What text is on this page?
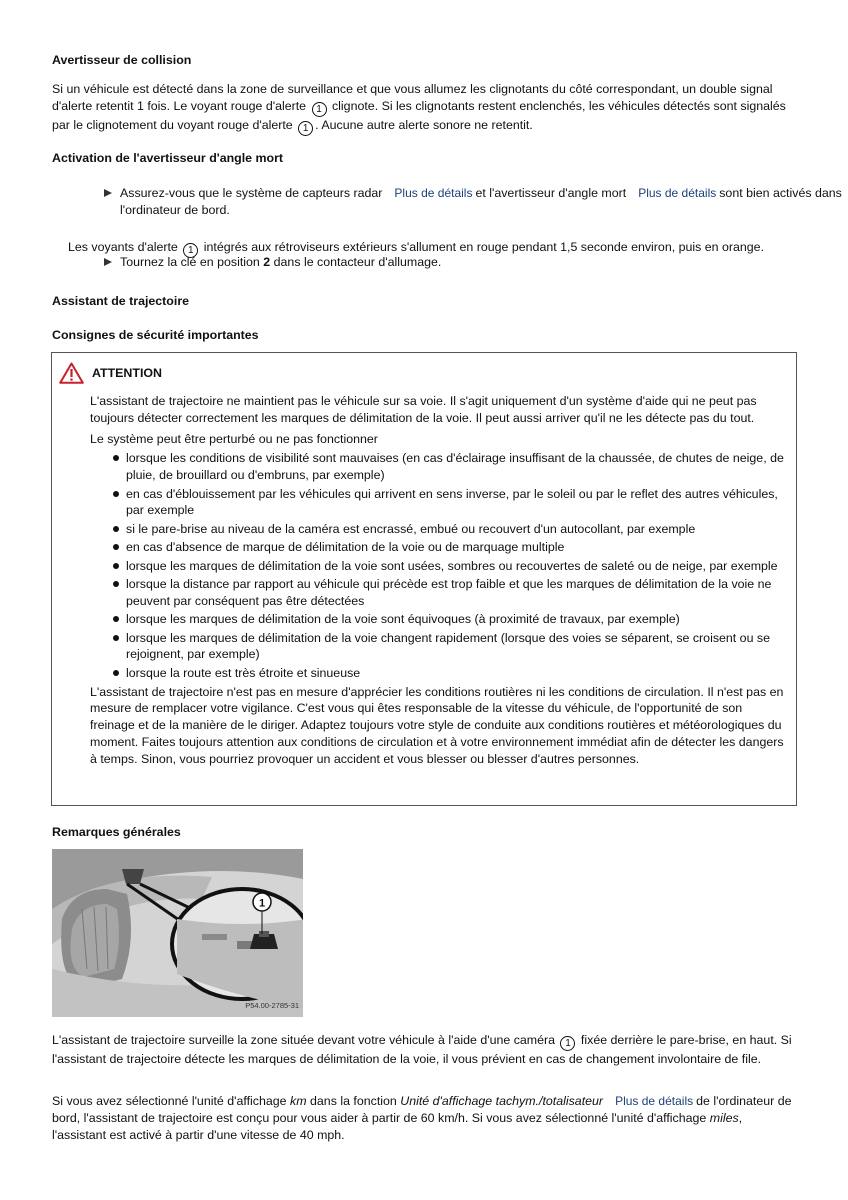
Avertisseur de collision

Si un véhicule est détecté dans la zone de surveillance et que vous allumez les clignotants du côté correspondant, un double signal d'alerte retentit 1 fois. Le voyant rouge d'alerte 1 clignote. Si les clignotants restent enclenchés, les véhicules détectés sont signalés par le clignotement du voyant rouge d'alerte 1 . Aucune autre alerte sonore ne retentit.

Activation de l'avertisseur d'angle mort
Assurez-vous que le système de capteurs radar Plus de détails et l'avertisseur d'angle mort Plus de détails sont bien activés dans l'ordinateur de bord.
Tournez la clé en position 2 dans le contacteur d'allumage.

Les voyants d'alerte 1 intégrés aux rétroviseurs extérieurs s'allument en rouge pendant 1,5 seconde environ, puis en orange.

Assistant de trajectoire
Consignes de sécurité importantes
ATTENTION

L'assistant de trajectoire ne maintient pas le véhicule sur sa voie. Il s'agit uniquement d'un système d'aide qui ne peut pas toujours détecter correctement les marques de délimitation de la voie. Il peut aussi arriver qu'il ne les détecte pas du tout.

Le système peut être perturbé ou ne pas fonctionner

lorsque les conditions de visibilité sont mauvaises (en cas d'éclairage insuffisant de la chaussée, de chutes de neige, de pluie, de brouillard ou d'embruns, par exemple)
en cas d'éblouissement par les véhicules qui arrivent en sens inverse, par le soleil ou par le reflet des autres véhicules, par exemple
si le pare-brise au niveau de la caméra est encrassé, embué ou recouvert d'un autocollant, par exemple
en cas d'absence de marque de délimitation de la voie ou de marquage multiple
lorsque les marques de délimitation de la voie sont usées, sombres ou recouvertes de saleté ou de neige, par exemple
lorsque la distance par rapport au véhicule qui précède est trop faible et que les marques de délimitation de la voie ne peuvent par conséquent pas être détectées
lorsque les marques de délimitation de la voie sont équivoques (à proximité de travaux, par exemple)
lorsque les marques de délimitation de la voie changent rapidement (lorsque des voies se séparent, se croisent ou se rejoignent, par exemple)
lorsque la route est très étroite et sinueuse

L'assistant de trajectoire n'est pas en mesure d'apprécier les conditions routières ni les conditions de circulation. Il n'est pas en mesure de remplacer votre vigilance. C'est vous qui êtes responsable de la vitesse du véhicule, de l'opportunité de son freinage et de la manière de le diriger. Adaptez toujours votre style de conduite aux conditions routières et météorologiques du moment. Faites toujours attention aux conditions de circulation et à votre environnement immédiat afin de détecter les dangers à temps. Sinon, vous pourriez provoquer un accident et vous blesser ou blesser d'autres personnes.

Remarques générales
1
P54.00-2785-31

L'assistant de trajectoire surveille la zone située devant votre véhicule à l'aide d'une caméra 1 fixée derrière le pare-brise, en haut. Si l'assistant de trajectoire détecte les marques de délimitation de la voie, il vous prévient en cas de changement involontaire de file.

Si vous avez sélectionné l'unité d'affichage km dans la fonction Unité d'affichage tachym./totalisateur Plus de détails de l'ordinateur de bord, l'assistant de trajectoire est conçu pour vous aider à partir de 60 km/h. Si vous avez sélectionné l'unité d'affichage miles, l'assistant est activé à partir d'une vitesse de 40 mph.
